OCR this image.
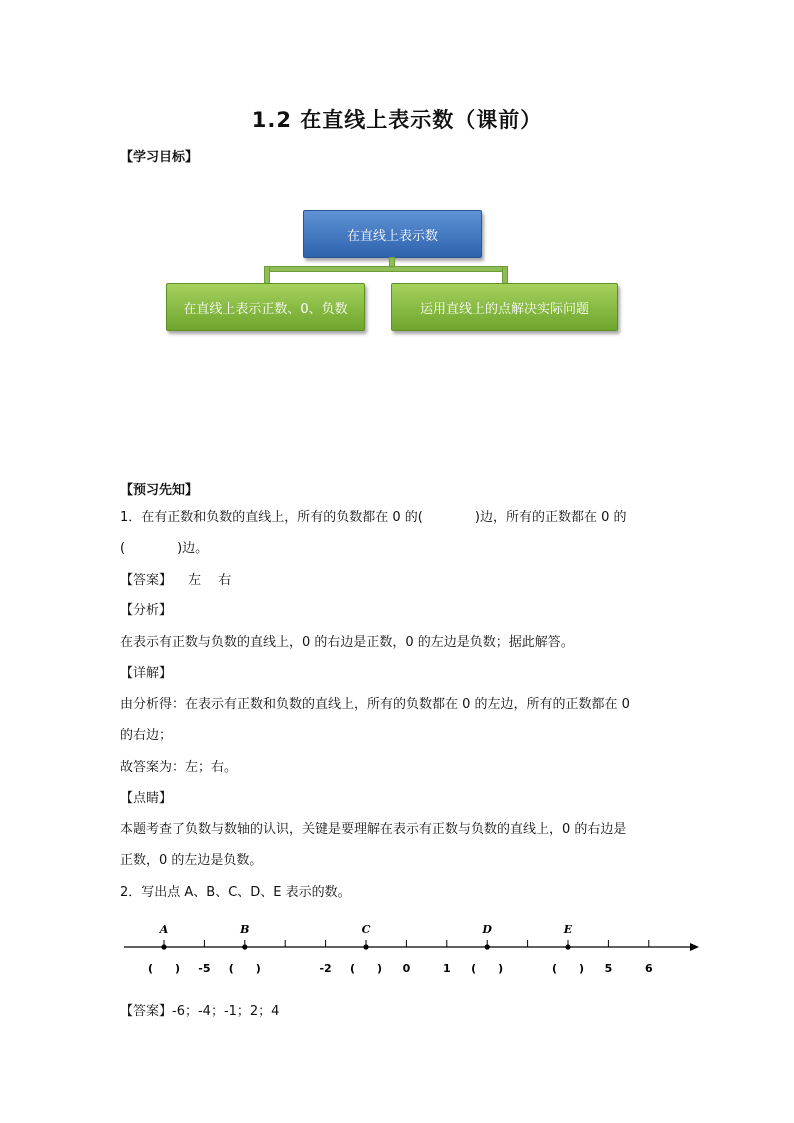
1.2 在直线上表示数（课前）
【学习目标】
在直线上表示数
在直线上表示正数、0、负数	运用直线上的点解决实际问题
【预习先知】
1．在有正数和负数的直线上，所有的负数都在 0 的(　　　　)边，所有的正数都在 0 的
(　　　　)边。
【答案】 左　 右
【分析】
在表示有正数与负数的直线上，0 的右边是正数，0 的左边是负数；据此解答。
【详解】
由分析得：在表示有正数和负数的直线上，所有的负数都在 0 的左边，所有的正数都在 0
的右边；
故答案为：左；右。
【点睛】
本题考查了负数与数轴的认识，关键是要理解在表示有正数与负数的直线上，0 的右边是
正数，0 的左边是负数。
2．写出点 A、B、C、D、E 表示的数。
A	B	C	D	E
(　　) -5 (　　)	-2 (　　) 0	1 (　　)	(　　) 5	6
【答案】-6；-4；-1；2；4
